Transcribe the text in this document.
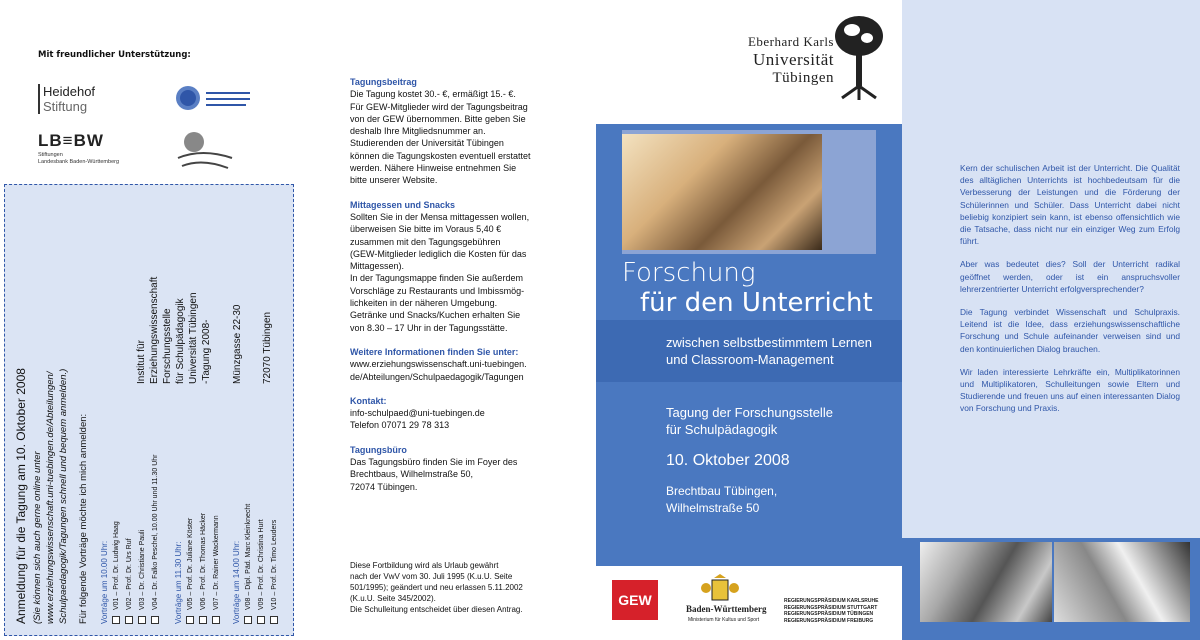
Mit freundlicher Unterstützung:
Heidehof
Stiftung
LB≡BW
Stiftungen
Landesbank Baden-Württemberg
Anmeldung für die Tagung am 10. Oktober 2008 (Sie können sich auch gerne online unter www.erziehungswissenschaft.uni-tuebingen.de/Abteilungen/ Schulpaedagogik/Tagungen schnell und bequem anmelden.) Für folgende Vorträge möchte ich mich anmelden: Vorträge um 10.00 Uhr: V01 – Prof. Dr. Ludwig Haag V02 – Prof. Dr. Urs Ruf V03 – Dr. Christiane Pauli V04 – Dr. Falko Peschel, 10.00 Uhr und 11.30 Uhr Vorträge um 11.30 Uhr: V05 – Prof. Dr. Juliane Köster V06 – Prof. Dr. Thomas Häcker V07 – Dr. Rainer Wackermann Vorträge um 14.00 Uhr: V08 – Dipl. Päd. Marc Kleinknecht V09 – Prof. Dr. Christina Hurt V10 – Prof. Dr. Timo Leuders
Institut für Erziehungswissenschaft Forschungsstelle für Schulpädagogik Universität Tübingen -Tagung 2008- Münzgasse 22-30 72070 Tübingen
Tagungsbeitrag
Die Tagung kostet 30.- €, ermäßigt 15.- €.
Für GEW-Mitglieder wird der Tagungsbeitrag
von der GEW übernommen. Bitte geben Sie
deshalb Ihre Mitgliedsnummer an.
Studierenden der Universität Tübingen
können die Tagungskosten eventuell erstattet
werden. Nähere Hinweise entnehmen Sie
bitte unserer Website.
Mittagessen und Snacks
Sollten Sie in der Mensa mittagessen wollen,
überweisen Sie bitte im Voraus 5,40 €
zusammen mit den Tagungsgebühren
(GEW-Mitglieder lediglich die Kosten für das
Mittagessen).
In der Tagungsmappe finden Sie außerdem
Vorschläge zu Restaurants und Imbissmög-
lichkeiten in der näheren Umgebung.
Getränke und Snacks/Kuchen erhalten Sie
von 8.30 – 17 Uhr in der Tagungsstätte.
Weitere Informationen finden Sie unter:
www.erziehungswissenschaft.uni-tuebingen.
de/Abteilungen/Schulpaedagogik/Tagungen
Kontakt:
info-schulpaed@uni-tuebingen.de
Telefon 07071 29 78 313
Tagungsbüro
Das Tagungsbüro finden Sie im Foyer des
Brechtbaus, Wilhelmstraße 50,
72074 Tübingen.
Diese Fortbildung wird als Urlaub gewährt
nach der VwV vom 30. Juli 1995 (K.u.U. Seite
501/1995); geändert und neu erlassen 5.11.2002
(K.u.U. Seite 345/2002).
Die Schulleitung entscheidet über diesen Antrag.
Eberhard Karls
Universität
Tübingen
Forschung
für den Unterricht
zwischen selbstbestimmtem Lernen
und Classroom-Management
Tagung der Forschungsstelle
für Schulpädagogik
10. Oktober 2008
Brechtbau Tübingen,
Wilhelmstraße 50
GEW
Baden-Württemberg
Ministerium für Kultus und Sport
REGIERUNGSPRÄSIDIUM KARLSRUHE
REGIERUNGSPRÄSIDIUM STUTTGART
REGIERUNGSPRÄSIDIUM TÜBINGEN
REGIERUNGSPRÄSIDIUM FREIBURG

Kern der schulischen Arbeit ist der Unterricht. Die Qualität des alltäglichen Unterrichts ist hochbedeutsam für die Verbesserung der Leistungen und die Förderung der Schülerinnen und Schüler. Dass Unterricht dabei nicht beliebig konzipiert sein kann, ist ebenso offensichtlich wie die Tatsache, dass nicht nur ein einziger Weg zum Erfolg führt.

Aber was bedeutet dies? Soll der Unterricht radikal geöffnet werden, oder ist ein anspruchsvoller lehrerzentrierter Unterricht erfolgversprechender?

Die Tagung verbindet Wissenschaft und Schulpraxis. Leitend ist die Idee, dass erziehungswissenschaftliche Forschung und Schule aufeinander verweisen sind und den kontinuierlichen Dialog brauchen.

Wir laden interessierte Lehrkräfte ein, Multiplikatorinnen und Multiplikatoren, Schulleitungen sowie Eltern und Studierende und freuen uns auf einen interessanten Dialog von Forschung und Praxis.
